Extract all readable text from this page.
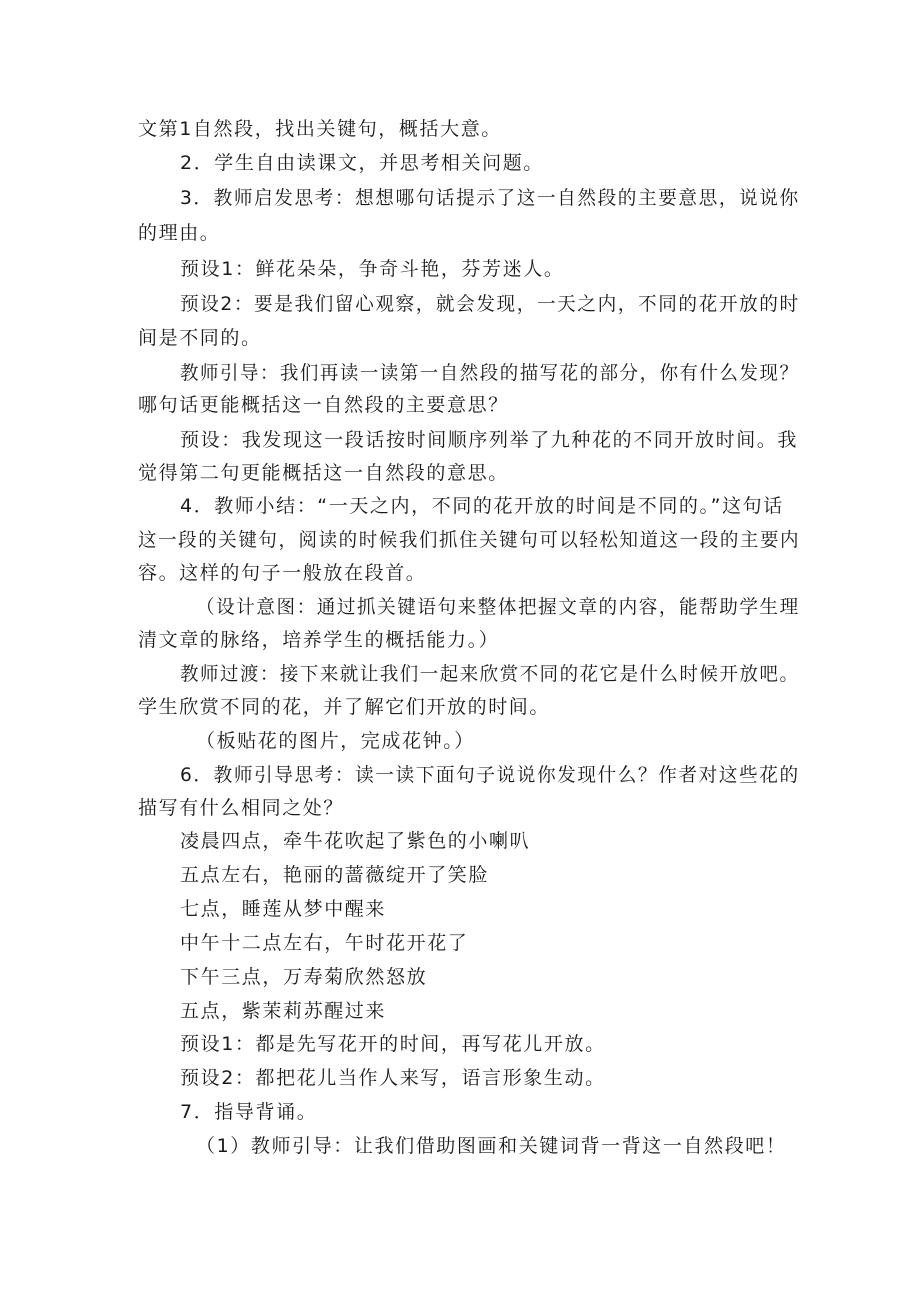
文第1自然段，找出关键句，概括大意。
2．学生自由读课文，并思考相关问题。
3．教师启发思考：想想哪句话提示了这一自然段的主要意思，说说你
的理由。
预设1：鲜花朵朵，争奇斗艳，芬芳迷人。
预设2：要是我们留心观察，就会发现，一天之内，不同的花开放的时
间是不同的。
教师引导：我们再读一读第一自然段的描写花的部分，你有什么发现？
哪句话更能概括这一自然段的主要意思？
预设：我发现这一段话按时间顺序列举了九种花的不同开放时间。我
觉得第二句更能概括这一自然段的意思。
4．教师小结：“一天之内，不同的花开放的时间是不同的。”这句话
这一段的关键句，阅读的时候我们抓住关键句可以轻松知道这一段的主要内
容。这样的句子一般放在段首。
（设计意图：通过抓关键语句来整体把握文章的内容，能帮助学生理
清文章的脉络，培养学生的概括能力。）
教师过渡：接下来就让我们一起来欣赏不同的花它是什么时候开放吧。
学生欣赏不同的花，并了解它们开放的时间。
（板贴花的图片，完成花钟。）
6．教师引导思考：读一读下面句子说说你发现什么？作者对这些花的
描写有什么相同之处？
凌晨四点，牵牛花吹起了紫色的小喇叭
五点左右，艳丽的蔷薇绽开了笑脸
七点，睡莲从梦中醒来
中午十二点左右，午时花开花了
下午三点，万寿菊欣然怒放
五点，紫茉莉苏醒过来
预设1：都是先写花开的时间，再写花儿开放。
预设2：都把花儿当作人来写，语言形象生动。
7．指导背诵。
（1）教师引导：让我们借助图画和关键词背一背这一自然段吧！
